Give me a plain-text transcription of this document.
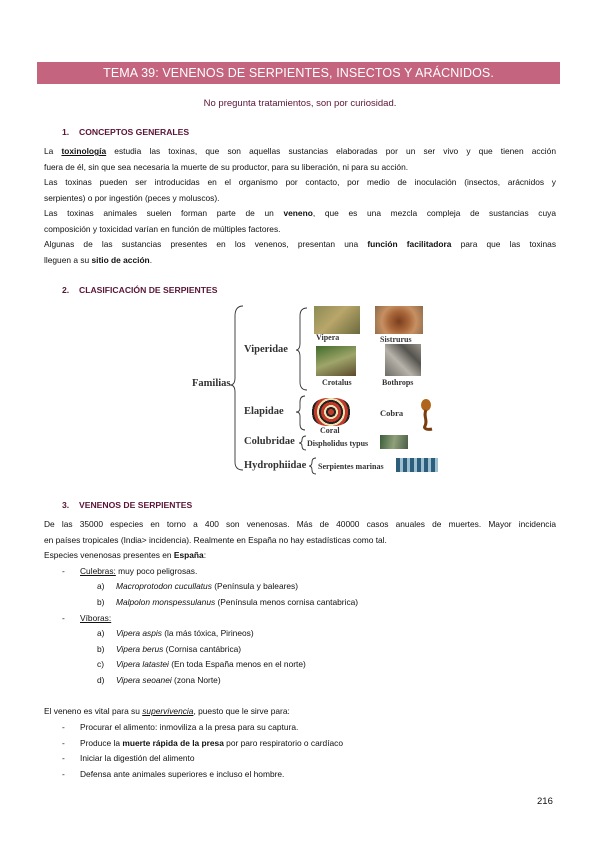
TEMA 39: VENENOS DE SERPIENTES, INSECTOS Y ARÁCNIDOS.
No pregunta tratamientos, son por curiosidad.
1. CONCEPTOS GENERALES

La toxinología estudia las toxinas, que son aquellas sustancias elaboradas por un ser vivo y que tienen acción

fuera de él, sin que sea necesaria la muerte de su productor, para su liberación, ni para su acción.

Las toxinas pueden ser introducidas en el organismo por contacto, por medio de inoculación (insectos, arácnidos y

serpientes) o por ingestión (peces y moluscos).

Las toxinas animales suelen forman parte de un veneno, que es una mezcla compleja de sustancias cuya

composición y toxicidad varían en función de múltiples factores.

Algunas de las sustancias presentes en los venenos, presentan una función facilitadora para que las toxinas

lleguen a su sitio de acción.

2. CLASIFICACIÓN DE SERPIENTES
Familias
Viperidae
Elapidae
Colubridae
Hydrophiidae
Vipera	Sistrurus
Crotalus	Bothrops
Coral
Cobra
Dispholidus typus
Serpientes marinas
3. VENENOS DE SERPIENTES

De las 35000 especies en torno a 400 son venenosas. Más de 40000 casos anuales de muertes. Mayor incidencia

en países tropicales (India> incidencia). Realmente en España no hay estadísticas como tal.

Especies venenosas presentes en España:

- Culebras: muy poco peligrosas.
a) Macroprotodon cucullatus (Península y baleares)
b) Malpolon monspessulanus (Península menos cornisa cantabrica)
- Víboras:
a) Vipera aspis (la más tóxica, Pirineos)
b) Vipera berus (Cornisa cantábrica)
c) Vipera latastei (En toda España menos en el norte)
d) Vipera seoanei (zona Norte)
El veneno es vital para su supervivencia, puesto que le sirve para:
- Procurar el alimento: inmoviliza a la presa para su captura.
- Produce la muerte rápida de la presa por paro respiratorio o cardíaco
- Iniciar la digestión del alimento
- Defensa ante animales superiores e incluso el hombre.
216
